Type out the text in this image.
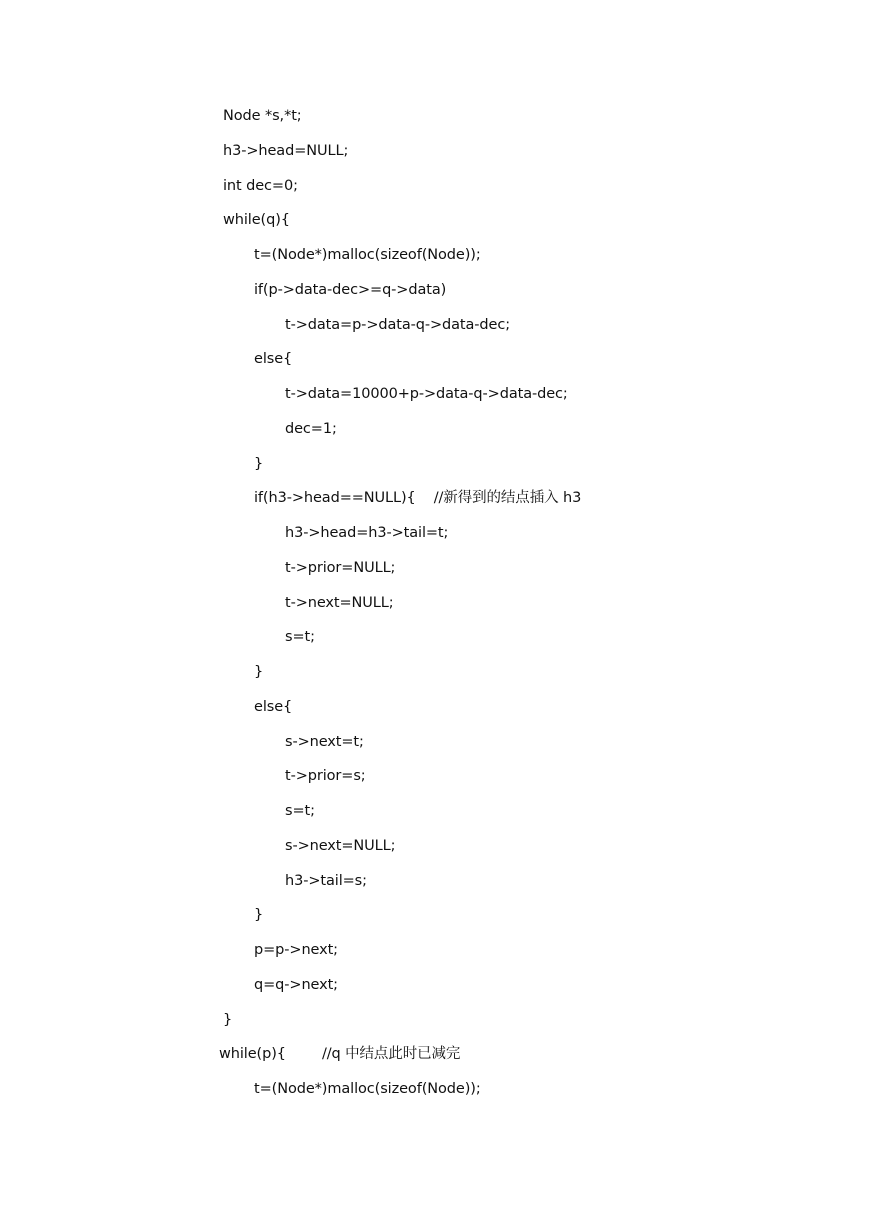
Node *s,*t;
h3->head=NULL;
int dec=0;
while(q){
t=(Node*)malloc(sizeof(Node));
if(p->data-dec>=q->data)
t->data=p->data-q->data-dec;
else{
t->data=10000+p->data-q->data-dec;
dec=1;
}
if(h3->head==NULL){    //新得到的结点插入 h3
h3->head=h3->tail=t;
t->prior=NULL;
t->next=NULL;
s=t;
}
else{
s->next=t;
t->prior=s;
s=t;
s->next=NULL;
h3->tail=s;
}
p=p->next;
q=q->next;
}
while(p){        //q 中结点此时已减完
t=(Node*)malloc(sizeof(Node));
